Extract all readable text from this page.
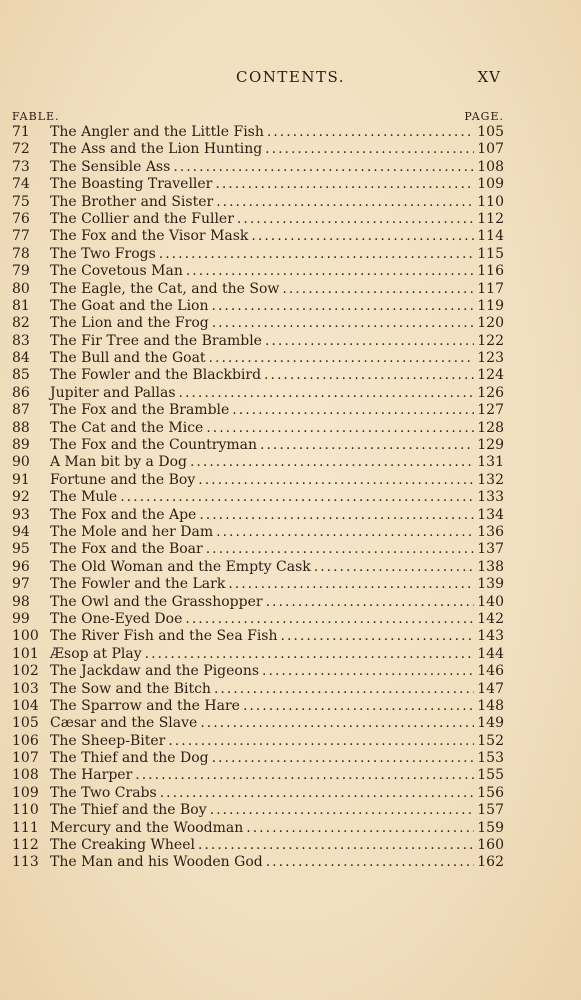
CONTENTS.	XV
FABLE.	PAGE.
71	The Angler and the Little Fish .....	105
72	The Ass and the Lion Hunting .....	107
73	The Sensible Ass .....	108
74	The Boasting Traveller .....	109
75	The Brother and Sister .....	110
76	The Collier and the Fuller .....	112
77	The Fox and the Visor Mask .....	114
78	The Two Frogs .....	115
79	The Covetous Man .....	116
80	The Eagle, the Cat, and the Sow .....	117
81	The Goat and the Lion .....	119
82	The Lion and the Frog .....	120
83	The Fir Tree and the Bramble .....	122
84	The Bull and the Goat .....	123
85	The Fowler and the Blackbird .....	124
86	Jupiter and Pallas .....	126
87	The Fox and the Bramble .....	127
88	The Cat and the Mice .....	128
89	The Fox and the Countryman .....	129
90	A Man bit by a Dog .....	131
91	Fortune and the Boy .....	132
92	The Mule .....	133
93	The Fox and the Ape .....	134
94	The Mole and her Dam .....	136
95	The Fox and the Boar .....	137
96	The Old Woman and the Empty Cask .....	138
97	The Fowler and the Lark .....	139
98	The Owl and the Grasshopper .....	140
99	The One-Eyed Doe .....	142
100 The River Fish and the Sea Fish .....	143
101 Æsop at Play .....	144
102 The Jackdaw and the Pigeons .....	146
103 The Sow and the Bitch .....	147
104 The Sparrow and the Hare .....	148
105 Cæsar and the Slave .....	149
106 The Sheep-Biter .....	152
107 The Thief and the Dog .....	153
108 The Harper .....	155
109 The Two Crabs .....	156
110 The Thief and the Boy .....	157
111 Mercury and the Woodman .....	159
112 The Creaking Wheel .....	160
113 The Man and his Wooden God .....	162
